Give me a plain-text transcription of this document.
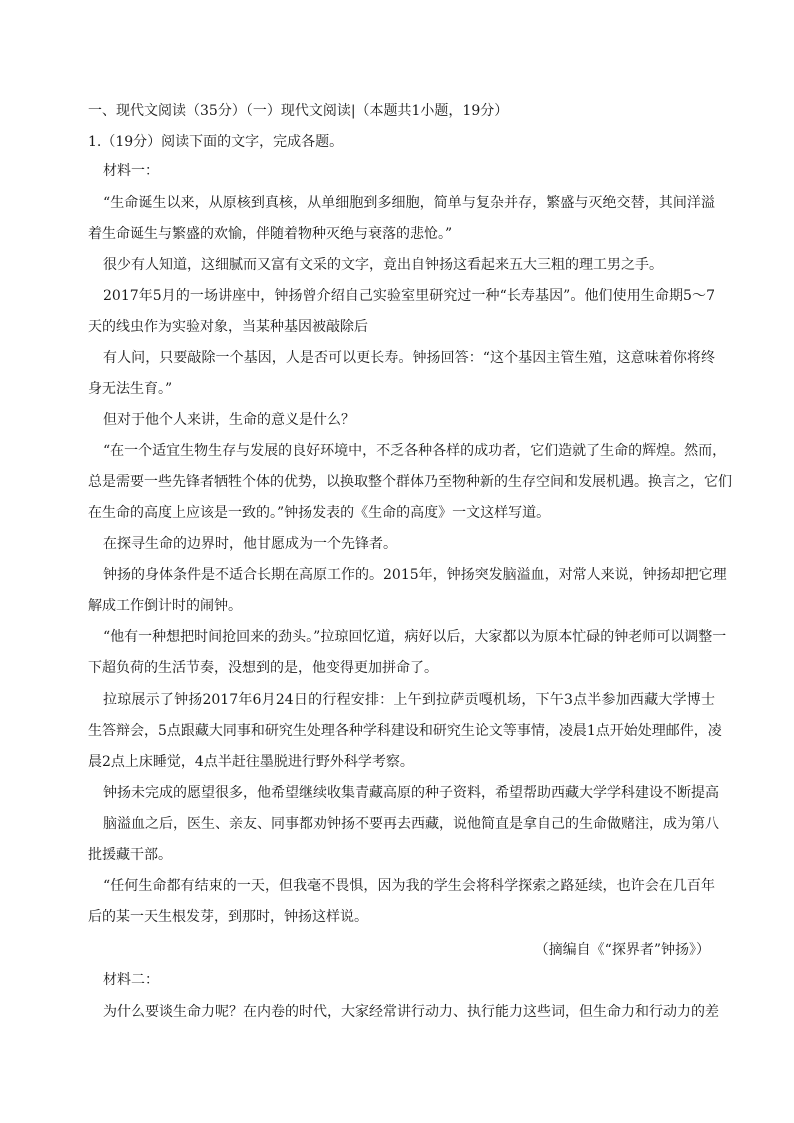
一、现代文阅读（35分）（一）现代文阅读|（本题共1小题，19分）
1.（19分）阅读下面的文字，完成各题。
材料一：
“生命诞生以来，从原核到真核，从单细胞到多细胞，简单与复杂并存，繁盛与灭绝交替，其间洋溢
着生命诞生与繁盛的欢愉，伴随着物种灭绝与衰落的悲怆。”
很少有人知道，这细腻而又富有文采的文字，竟出自钟扬这看起来五大三粗的理工男之手。
2017年5月的一场讲座中，钟扬曾介绍自己实验室里研究过一种“长寿基因”。他们使用生命期5～7
天的线虫作为实验对象，当某种基因被敲除后
有人问，只要敲除一个基因，人是否可以更长寿。钟扬回答：“这个基因主管生殖，这意味着你将终
身无法生育。”
但对于他个人来讲，生命的意义是什么？
“在一个适宜生物生存与发展的良好环境中，不乏各种各样的成功者，它们造就了生命的辉煌。然而，
总是需要一些先锋者牺牲个体的优势，以换取整个群体乃至物种新的生存空间和发展机遇。换言之，它们
在生命的高度上应该是一致的。”钟扬发表的《生命的高度》一文这样写道。
在探寻生命的边界时，他甘愿成为一个先锋者。
钟扬的身体条件是不适合长期在高原工作的。2015年，钟扬突发脑溢血，对常人来说，钟扬却把它理
解成工作倒计时的闹钟。
“他有一种想把时间抢回来的劲头。”拉琼回忆道，病好以后，大家都以为原本忙碌的钟老师可以调整一
下超负荷的生活节奏，没想到的是，他变得更加拼命了。
拉琼展示了钟扬2017年6月24日的行程安排：上午到拉萨贡嘎机场，下午3点半参加西藏大学博士
生答辩会，5点跟藏大同事和研究生处理各种学科建设和研究生论文等事情，凌晨1点开始处理邮件，凌
晨2点上床睡觉，4点半赶往墨脱进行野外科学考察。
钟扬未完成的愿望很多，他希望继续收集青藏高原的种子资料，希望帮助西藏大学学科建设不断提高
脑溢血之后，医生、亲友、同事都劝钟扬不要再去西藏，说他简直是拿自己的生命做赌注，成为第八
批援藏干部。
“任何生命都有结束的一天，但我毫不畏惧，因为我的学生会将科学探索之路延续，也许会在几百年
后的某一天生根发芽，到那时，钟扬这样说。
（摘编自《“探界者”钟扬》）
材料二：
为什么要谈生命力呢？在内卷的时代，大家经常讲行动力、执行能力这些词，但生命力和行动力的差
